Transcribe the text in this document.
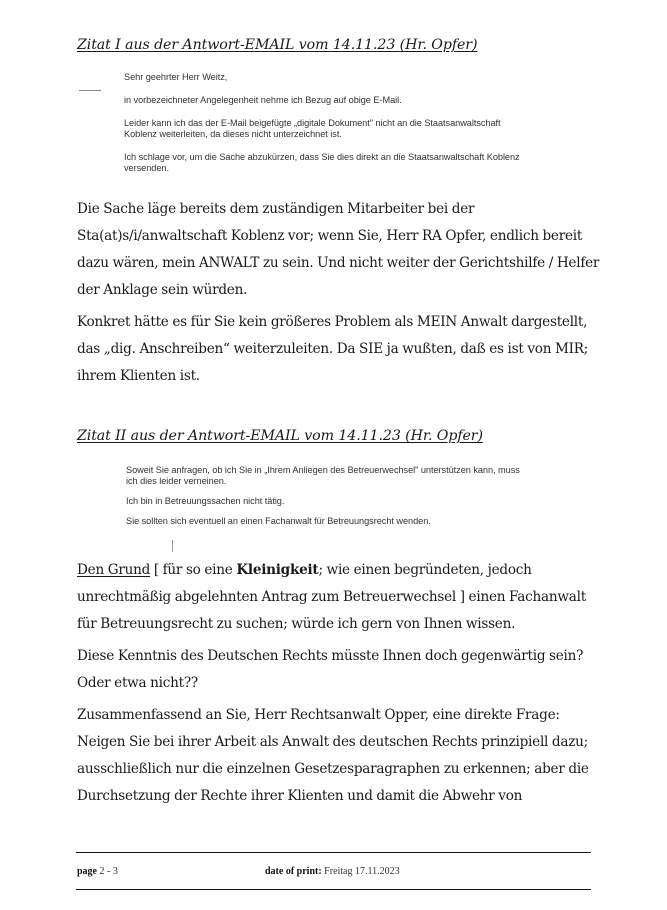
Zitat I aus der Antwort-EMAIL vom 14.11.23 (Hr. Opfer)

Sehr geehrter Herr Weitz,

in vorbezeichneter Angelegenheit nehme ich Bezug auf obige E-Mail.

Leider kann ich das der E-Mail beigefügte „digitale Dokument" nicht an die Staatsanwaltschaft

Koblenz weiterleiten, da dieses nicht unterzeichnet ist.

Ich schlage vor, um die Sache abzukürzen, dass Sie dies direkt an die Staatsanwaltschaft Koblenz

versenden.

Die Sache läge bereits dem zuständigen Mitarbeiter bei der
Sta(at)s/i/anwaltschaft Koblenz vor; wenn Sie, Herr RA Opfer, endlich bereit
dazu wären, mein ANWALT zu sein. Und nicht weiter der Gerichtshilfe / Helfer
der Anklage sein würden.
Konkret hätte es für Sie kein größeres Problem als MEIN Anwalt dargestellt,
das „dig. Anschreiben“ weiterzuleiten. Da SIE ja wußten, daß es ist von MIR;
ihrem Klienten ist.
Zitat II aus der Antwort-EMAIL vom 14.11.23 (Hr. Opfer)

Soweit Sie anfragen, ob ich Sie in „Ihrem Anliegen des Betreuerwechsel" unterstützen kann, muss

ich dies leider verneinen.

Ich bin in Betreuungssachen nicht tätig.

Sie sollten sich eventuell an einen Fachanwalt für Betreuungsrecht wenden.

Den Grund [ für so eine Kleinigkeit; wie einen begründeten, jedoch
unrechtmäßig abgelehnten Antrag zum Betreuerwechsel ] einen Fachanwalt
für Betreuungsrecht zu suchen; würde ich gern von Ihnen wissen.
Diese Kenntnis des Deutschen Rechts müsste Ihnen doch gegenwärtig sein?
Oder etwa nicht??
Zusammenfassend an Sie, Herr Rechtsanwalt Opper, eine direkte Frage:
Neigen Sie bei ihrer Arbeit als Anwalt des deutschen Rechts prinzipiell dazu;
ausschließlich nur die einzelnen Gesetzesparagraphen zu erkennen; aber die
Durchsetzung der Rechte ihrer Klienten und damit die Abwehr von
page 2 - 3	date of print: Freitag 17.11.2023
